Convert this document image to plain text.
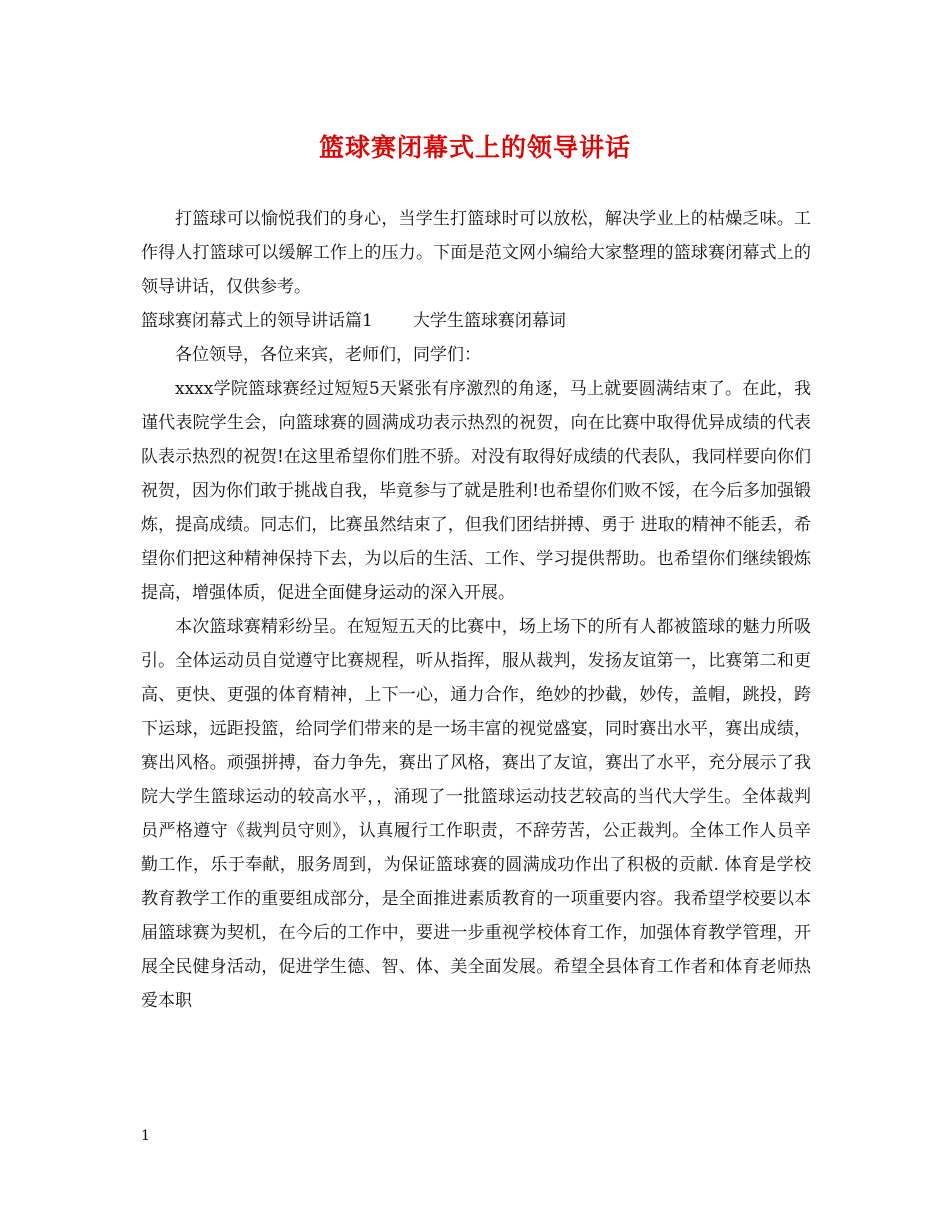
篮球赛闭幕式上的领导讲话

打篮球可以愉悦我们的身心，当学生打篮球时可以放松，解决学业上的枯燥乏味。工作得人打篮球可以缓解工作上的压力。下面是范文网小编给大家整理的篮球赛闭幕式上的领导讲话，仅供参考。

篮球赛闭幕式上的领导讲话篇1 大学生篮球赛闭幕词

各位领导，各位来宾，老师们，同学们：

xxxx学院篮球赛经过短短5天紧张有序激烈的角逐，马上就要圆满结束了。在此，我谨代表院学生会，向篮球赛的圆满成功表示热烈的祝贺，向在比赛中取得优异成绩的代表队表示热烈的祝贺!在这里希望你们胜不骄。对没有取得好成绩的代表队，我同样要向你们祝贺，因为你们敢于挑战自我，毕竟参与了就是胜利!也希望你们败不馁，在今后多加强锻炼，提高成绩。同志们，比赛虽然结束了，但我们团结拼搏、勇于 进取的精神不能丢，希望你们把这种精神保持下去，为以后的生活、工作、学习提供帮助。也希望你们继续锻炼提高，增强体质，促进全面健身运动的深入开展。

本次篮球赛精彩纷呈。在短短五天的比赛中，场上场下的所有人都被篮球的魅力所吸引。全体运动员自觉遵守比赛规程，听从指挥，服从裁判，发扬友谊第一，比赛第二和更高、更快、更强的体育精神，上下一心，通力合作，绝妙的抄截，妙传，盖帽，跳投，跨下运球，远距投篮，给同学们带来的是一场丰富的视觉盛宴，同时赛出水平，赛出成绩，赛出风格。顽强拼搏，奋力争先，赛出了风格，赛出了友谊，赛出了水平，充分展示了我院大学生篮球运动的较高水平，，涌现了一批篮球运动技艺较高的当代大学生。全体裁判员严格遵守《裁判员守则》，认真履行工作职责，不辞劳苦，公正裁判。全体工作人员辛勤工作，乐于奉献，服务周到，为保证篮球赛的圆满成功作出了积极的贡献. 体育是学校教育教学工作的重要组成部分，是全面推进素质教育的一项重要内容。我希望学校要以本届篮球赛为契机，在今后的工作中，要进一步重视学校体育工作，加强体育教学管理，开展全民健身活动，促进学生德、智、体、美全面发展。希望全县体育工作者和体育老师热爱本职

1
